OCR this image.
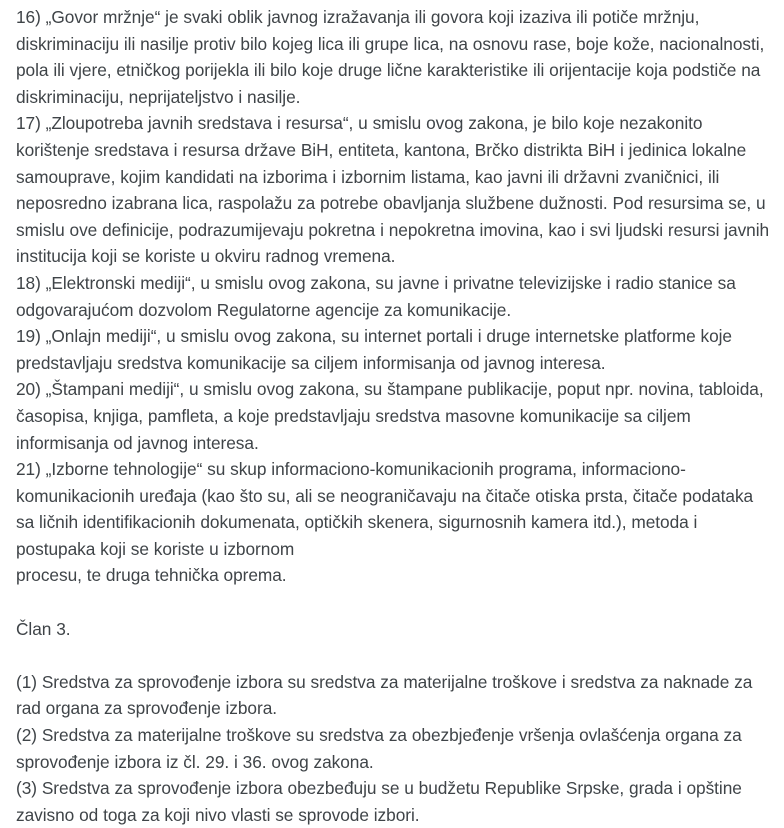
16) „Govor mržnje“ je svaki oblik javnog izražavanja ili govora koji izaziva ili potiče mržnju, diskriminaciju ili nasilje protiv bilo kojeg lica ili grupe lica, na osnovu rase, boje kože, nacionalnosti, pola ili vjere, etničkog porijekla ili bilo koje druge lične karakteristike ili orijentacije koja podstiče na diskriminaciju, neprijateljstvo i nasilje.

17) „Zloupotreba javnih sredstava i resursa“, u smislu ovog zakona, je bilo koje nezakonito korištenje sredstava i resursa države BiH, entiteta, kantona, Brčko distrikta BiH i jedinica lokalne samouprave, kojim kandidati na izborima i izbornim listama, kao javni ili državni zvaničnici, ili neposredno izabrana lica, raspolažu za potrebe obavljanja službene dužnosti. Pod resursima se, u smislu ove definicije, podrazumijevaju pokretna i nepokretna imovina, kao i svi ljudski resursi javnih institucija koji se koriste u okviru radnog vremena.

18) „Elektronski mediji“, u smislu ovog zakona, su javne i privatne televizijske i radio stanice sa odgovarajućom dozvolom Regulatorne agencije za komunikacije.

19) „Onlajn mediji“, u smislu ovog zakona, su internet portali i druge internetske platforme koje predstavljaju sredstva komunikacije sa ciljem informisanja od javnog interesa.

20) „Štampani mediji“, u smislu ovog zakona, su štampane publikacije, poput npr. novina, tabloida, časopisa, knjiga, pamfleta, a koje predstavljaju sredstva masovne komunikacije sa ciljem informisanja od javnog interesa.

21) „Izborne tehnologije“ su skup informaciono-komunikacionih programa, informaciono-komunikacionih uređaja (kao što su, ali se neograničavaju na čitače otiska prsta, čitače podataka sa ličnih identifikacionih dokumenata, optičkih skenera, sigurnosnih kamera itd.), metoda i postupaka koji se koriste u izbornom

procesu, te druga tehnička oprema.

Član 3.

(1) Sredstva za sprovođenje izbora su sredstva za materijalne troškove i sredstva za naknade za rad organa za sprovođenje izbora.

(2) Sredstva za materijalne troškove su sredstva za obezbjeđenje vršenja ovlašćenja organa za sprovođenje izbora iz čl. 29. i 36. ovog zakona.

(3) Sredstva za sprovođenje izbora obezbeđuju se u budžetu Republike Srpske, grada i opštine zavisno od toga za koji nivo vlasti se sprovode izbori.
